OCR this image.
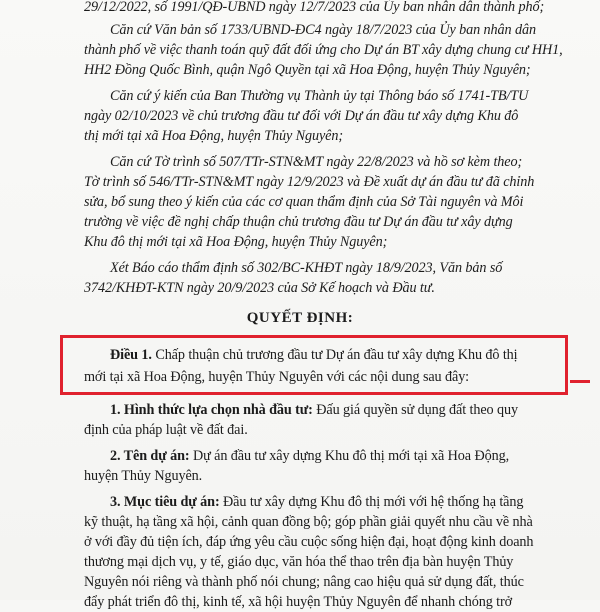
29/12/2022, số 1991/QĐ-UBND ngày 12/7/2023 của Ủy ban nhân dân thành phố;
Căn cứ Văn bản số 1733/UBND-ĐC4 ngày 18/7/2023 của Ủy ban nhân dân
thành phố về việc thanh toán quỹ đất đối ứng cho Dự án BT xây dựng chung cư HH1,
HH2 Đồng Quốc Bình, quận Ngô Quyền tại xã Hoa Động, huyện Thủy Nguyên;
Căn cứ ý kiến của Ban Thường vụ Thành ủy tại Thông báo số 1741-TB/TU
ngày 02/10/2023 về chủ trương đầu tư đối với Dự án đầu tư xây dựng Khu đô
thị mới tại xã Hoa Động, huyện Thủy Nguyên;
Căn cứ Tờ trình số 507/TTr-STN&MT ngày 22/8/2023 và hồ sơ kèm theo;
Tờ trình số 546/TTr-STN&MT ngày 12/9/2023 và Đề xuất dự án đầu tư đã chỉnh
sửa, bổ sung theo ý kiến của các cơ quan thẩm định của Sở Tài nguyên và Môi
trường về việc đề nghị chấp thuận chủ trương đầu tư Dự án đầu tư xây dựng
Khu đô thị mới tại xã Hoa Động, huyện Thủy Nguyên;
Xét Báo cáo thẩm định số 302/BC-KHĐT ngày 18/9/2023, Văn bản số
3742/KHĐT-KTN ngày 20/9/2023 của Sở Kế hoạch và Đầu tư.
QUYẾT ĐỊNH:
Điều 1. Chấp thuận chủ trương đầu tư Dự án đầu tư xây dựng Khu đô thị
mới tại xã Hoa Động, huyện Thủy Nguyên với các nội dung sau đây:
1. Hình thức lựa chọn nhà đầu tư: Đấu giá quyền sử dụng đất theo quy
định của pháp luật về đất đai.
2. Tên dự án: Dự án đầu tư xây dựng Khu đô thị mới tại xã Hoa Động,
huyện Thủy Nguyên.
3. Mục tiêu dự án: Đầu tư xây dựng Khu đô thị mới với hệ thống hạ tầng
kỹ thuật, hạ tầng xã hội, cảnh quan đồng bộ; góp phần giải quyết nhu cầu về nhà
ở với đầy đủ tiện ích, đáp ứng yêu cầu cuộc sống hiện đại, hoạt động kinh doanh
thương mại dịch vụ, y tế, giáo dục, văn hóa thể thao trên địa bàn huyện Thủy
Nguyên nói riêng và thành phố nói chung; nâng cao hiệu quả sử dụng đất, thúc
đẩy phát triển đô thị, kinh tế, xã hội huyện Thủy Nguyên để nhanh chóng trở
